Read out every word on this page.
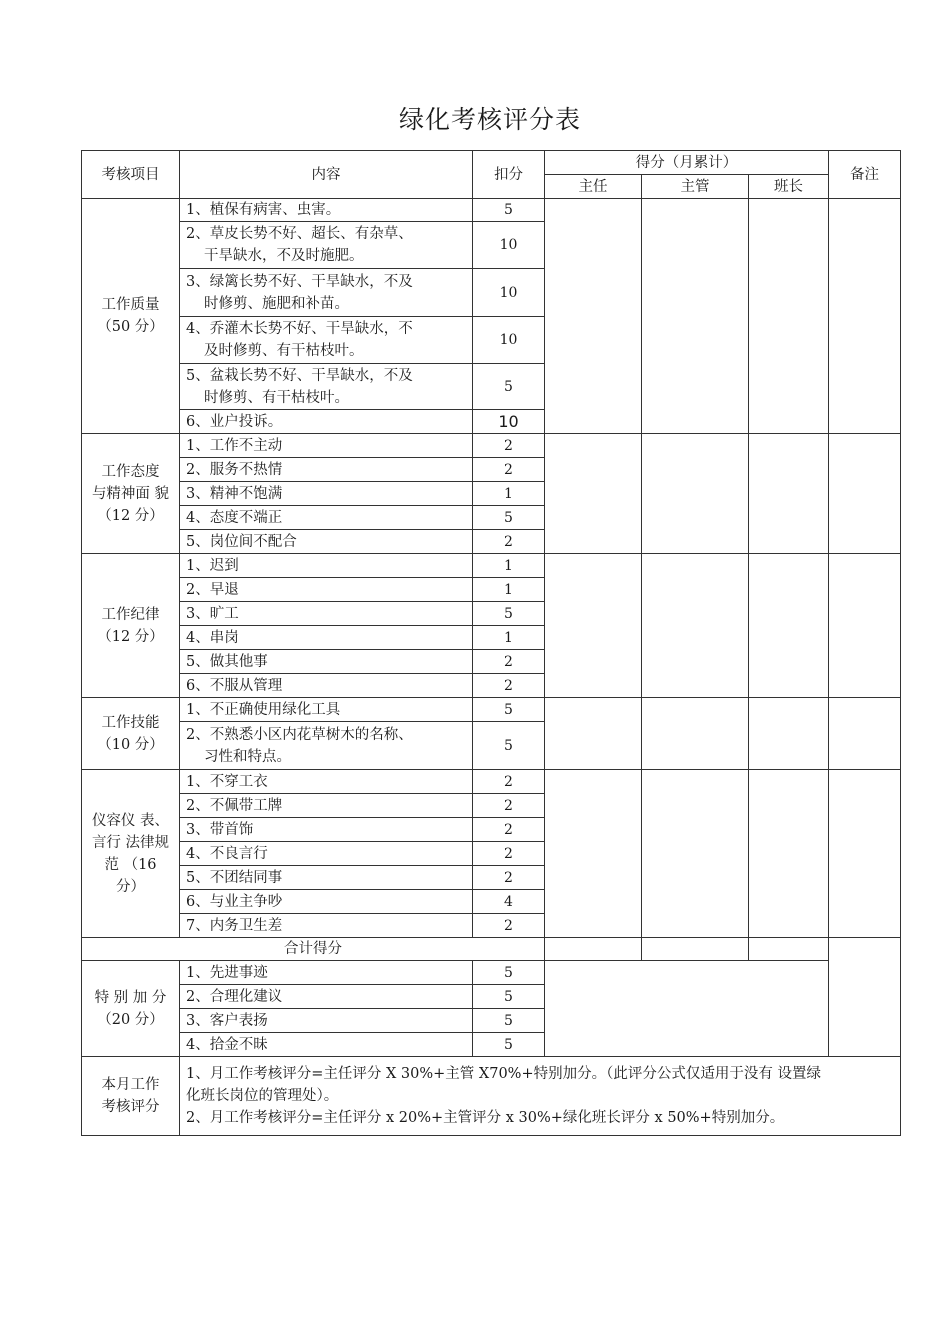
绿化考核评分表
考核项目	内容	扣分	得分（月累计）			备注
			主任	主管	班长	

工作质量
（50 分）	1、植保有病害、虫害。	5				
	2、草皮长势不好、超长、有杂草、
干旱缺水，不及时施肥。	10				
	3、绿篱长势不好、干旱缺水，不及
时修剪、施肥和补苗。	10				
	4、乔灌木长势不好、干旱缺水，不
及时修剪、有干枯枝叶。	10				
	5、盆栽长势不好、干旱缺水，不及
时修剪、有干枯枝叶。	5				
	6、业户投诉。	10				

工作态度
与精神面 貌
（12 分）	1、工作不主动	2				
	2、服务不热情	2				
	3、精神不饱满	1				
	4、态度不端正	5				
	5、岗位间不配合	2				

工作纪律
（12 分）	1、迟到	1				
	2、早退	1				
	3、旷工	5				
	4、串岗	1				
	5、做其他事	2				
	6、不服从管理	2				

工作技能
（10 分）	1、不正确使用绿化工具	5				
	2、不熟悉小区内花草树木的名称、
习性和特点。	5				

仪容仪 表、
言行 法律规
范 （16
分）	1、不穿工衣	2				
	2、不佩带工牌	2				
	3、带首饰	2				
	4、不良言行	2				
	5、不团结同事	2				
	6、与业主争吵	4				
	7、内务卫生差	2				
合计得分						

特 别 加 分
（20 分）	1、先进事迹	5				
	2、合理化建议	5				
	3、客户表扬	5				
	4、拾金不昧	5				

本月工作
考核评分	1、月工作考核评分=主任评分 X 30%+主管 X70%+特别加分。（此评分公式仅适用于没有 设置绿
化班长岗位的管理处）。
2、月工作考核评分=主任评分 x 20%+主管评分 x 30%+绿化班长评分 x 50%+特别加分。					
